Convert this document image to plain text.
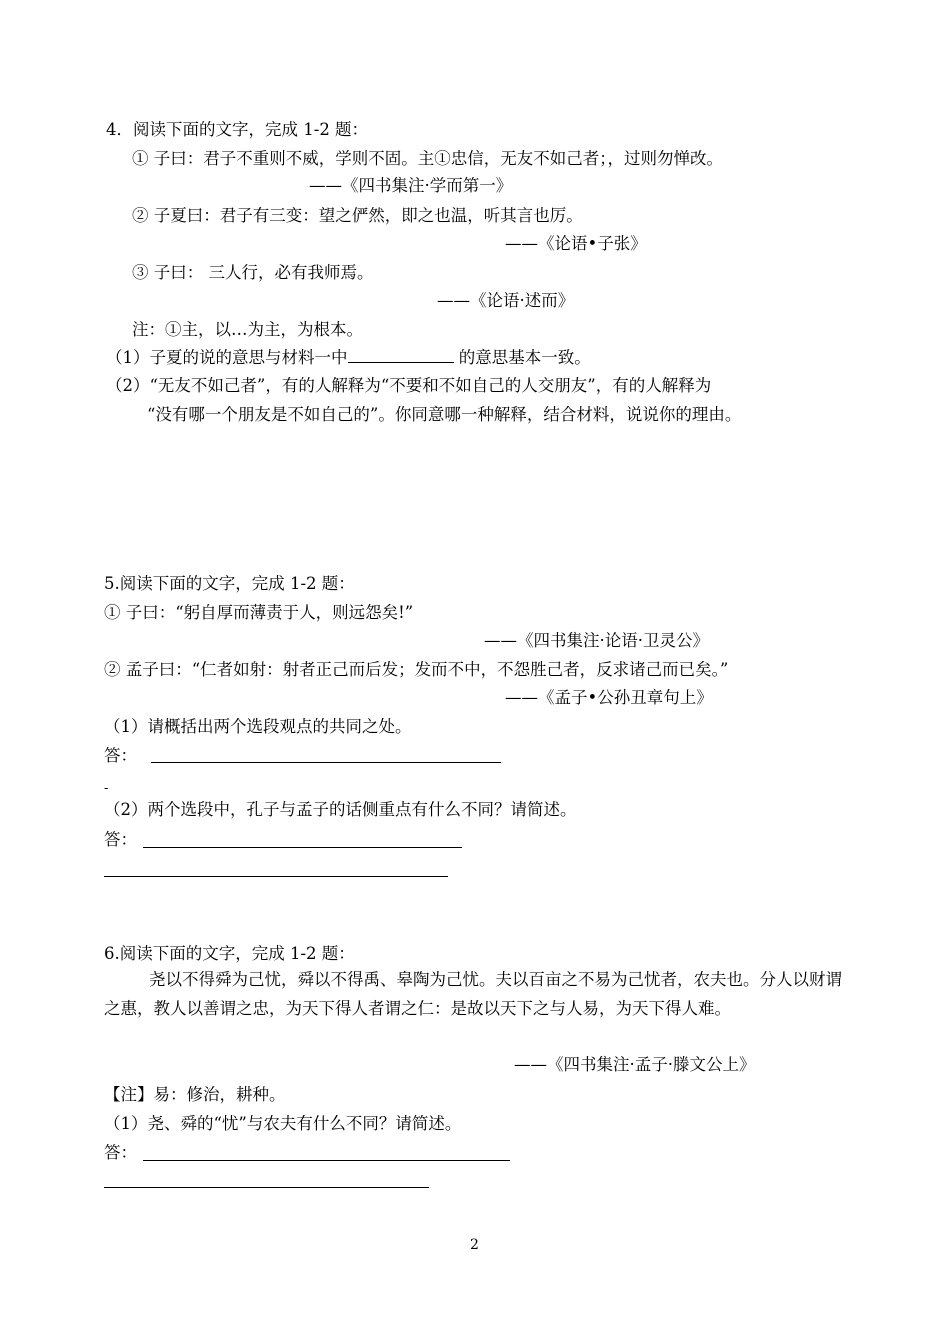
4．阅读下面的文字，完成 1-2 题：
① 子曰：君子不重则不威，学则不固。主①忠信，无友不如己者；，过则勿惮改。
——《四书集注·学而第一》
② 子夏曰：君子有三变：望之俨然，即之也温，听其言也厉。
——《论语•子张》
③ 子曰： 三人行，必有我师焉。
——《论语·述而》
注：①主，以…为主，为根本。
（1）子夏的说的意思与材料一中	的意思基本一致。
（2）“无友不如己者”，有的人解释为“不要和不如自己的人交朋友”，有的人解释为
“没有哪一个朋友是不如自己的”。你同意哪一种解释，结合材料，说说你的理由。
5.阅读下面的文字，完成 1-2 题：
① 子曰：“躬自厚而薄责于人，则远怨矣!”
——《四书集注·论语·卫灵公》
② 孟子曰：“仁者如射：射者正己而后发；发而不中，不怨胜己者，反求诸己而已矣。”
——《孟子•公孙丑章句上》
（1）请概括出两个选段观点的共同之处。
答：
-
（2）两个选段中，孔子与孟子的话侧重点有什么不同？请简述。
答：
6.阅读下面的文字，完成 1-2 题：
尧以不得舜为己忧，舜以不得禹、皋陶为己忧。夫以百亩之不易为己忧者，农夫也。分人以财谓之惠，教人以善谓之忠，为天下得人者谓之仁：是故以天下之与人易，为天下得人难。
——《四书集注·孟子·滕文公上》
【注】易：修治，耕种。
（1）尧、舜的“忧”与农夫有什么不同？请简述。
答：
2
